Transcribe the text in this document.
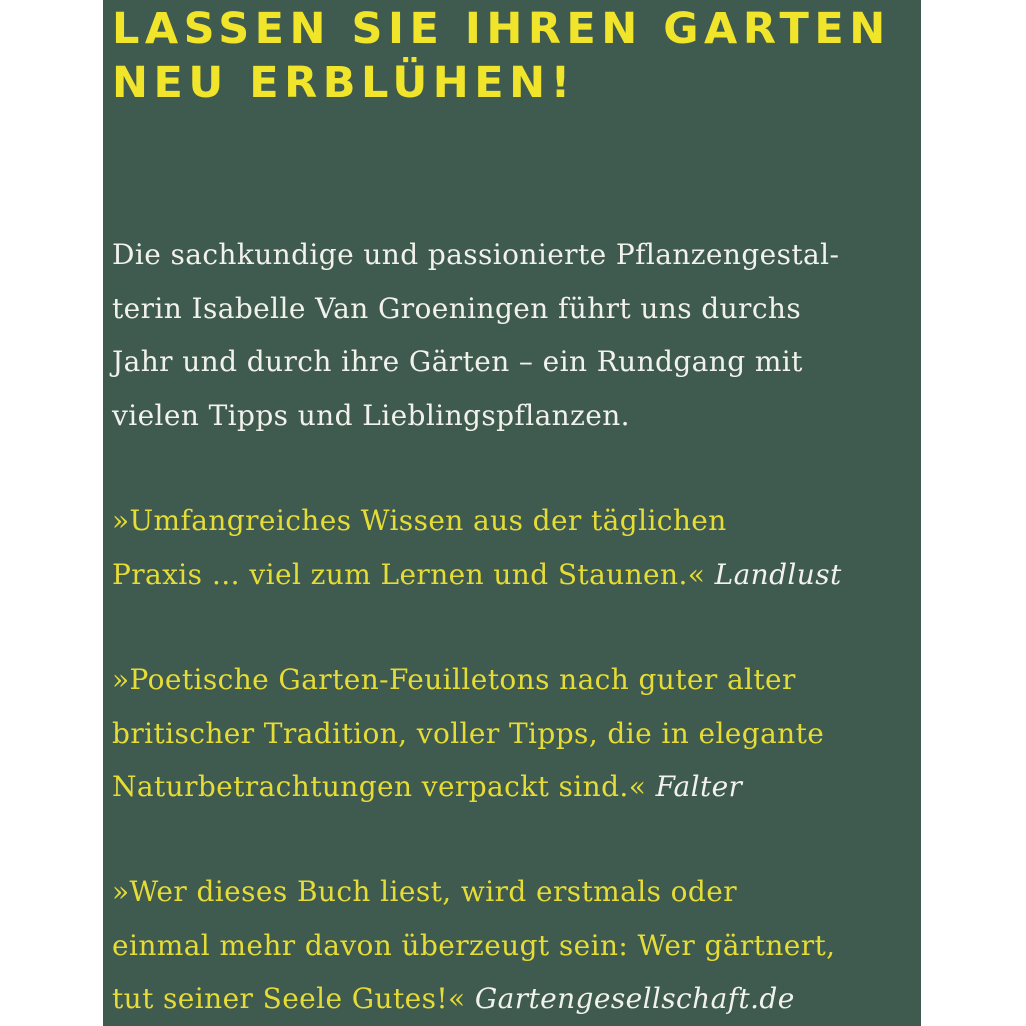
LASSEN SIE IHREN GARTEN
NEU ERBLÜHEN!

Die sachkundige und passionierte Pflanzengestal-
terin Isabelle Van Groeningen führt uns durchs
Jahr und durch ihre Gärten – ein Rundgang mit
vielen Tipps und Lieblingspflanzen.

»Umfangreiches Wissen aus der täglichen
Praxis … viel zum Lernen und Staunen.« Landlust

»Poetische Garten-Feuilletons nach guter alter
britischer Tradition, voller Tipps, die in elegante
Naturbetrachtungen verpackt sind.« Falter

»Wer dieses Buch liest, wird erstmals oder
einmal mehr davon überzeugt sein: Wer gärtnert,
tut seiner Seele Gutes!« Gartengesellschaft.de
